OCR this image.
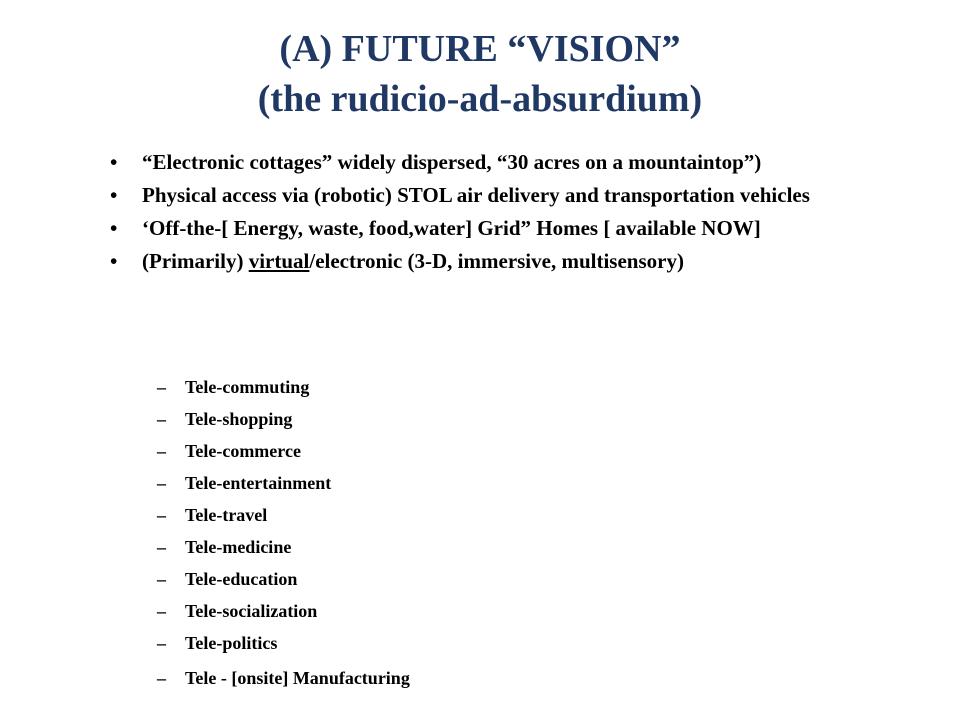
(A) FUTURE “VISION”
(the rudicio-ad-absurdium)
• “Electronic cottages” widely dispersed, “30 acres on a mountaintop”)
• Physical access via (robotic) STOL air delivery and transportation vehicles
• ‘Off-the-[ Energy, waste, food,water] Grid” Homes [ available NOW]
• (Primarily) virtual/electronic (3-D, immersive, multisensory)
– Tele-commuting
– Tele-shopping
– Tele-commerce
– Tele-entertainment
– Tele-travel
– Tele-medicine
– Tele-education
– Tele-socialization
– Tele-politics
– Tele - [onsite] Manufacturing
